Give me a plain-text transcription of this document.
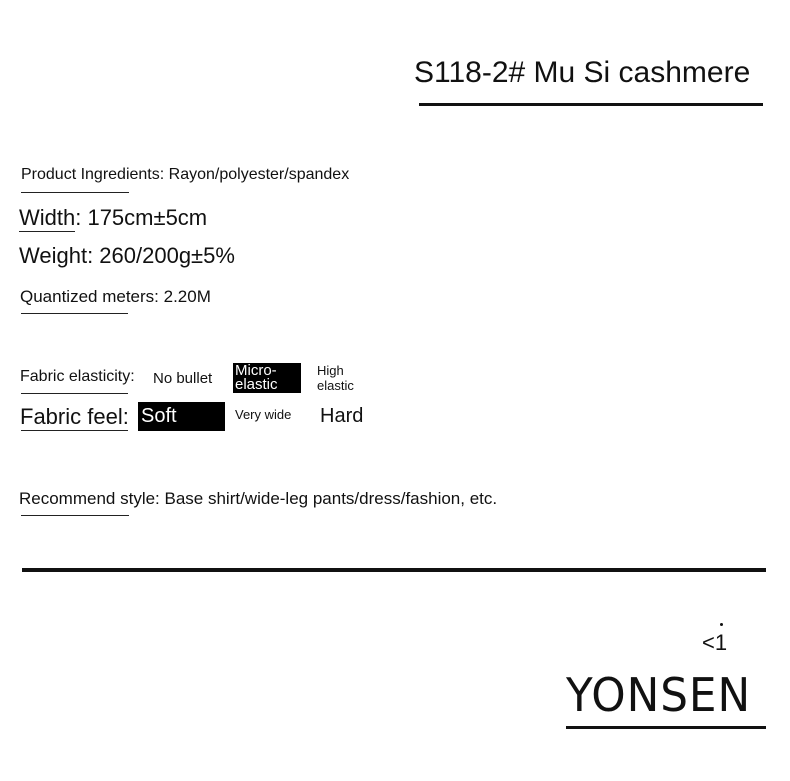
S118-2# Mu Si cashmere
Product Ingredients: Rayon/polyester/spandex
Width: 175cm±5cm
Weight: 260/200g±5%
Quantized meters: 2.20M
Fabric elasticity: No bullet Micro-elastic
High elastic
Fabric feel: Soft	Very wide Hard
Recommend style: Base shirt/wide-leg pants/dress/fashion, etc.
<1
YONSEN
